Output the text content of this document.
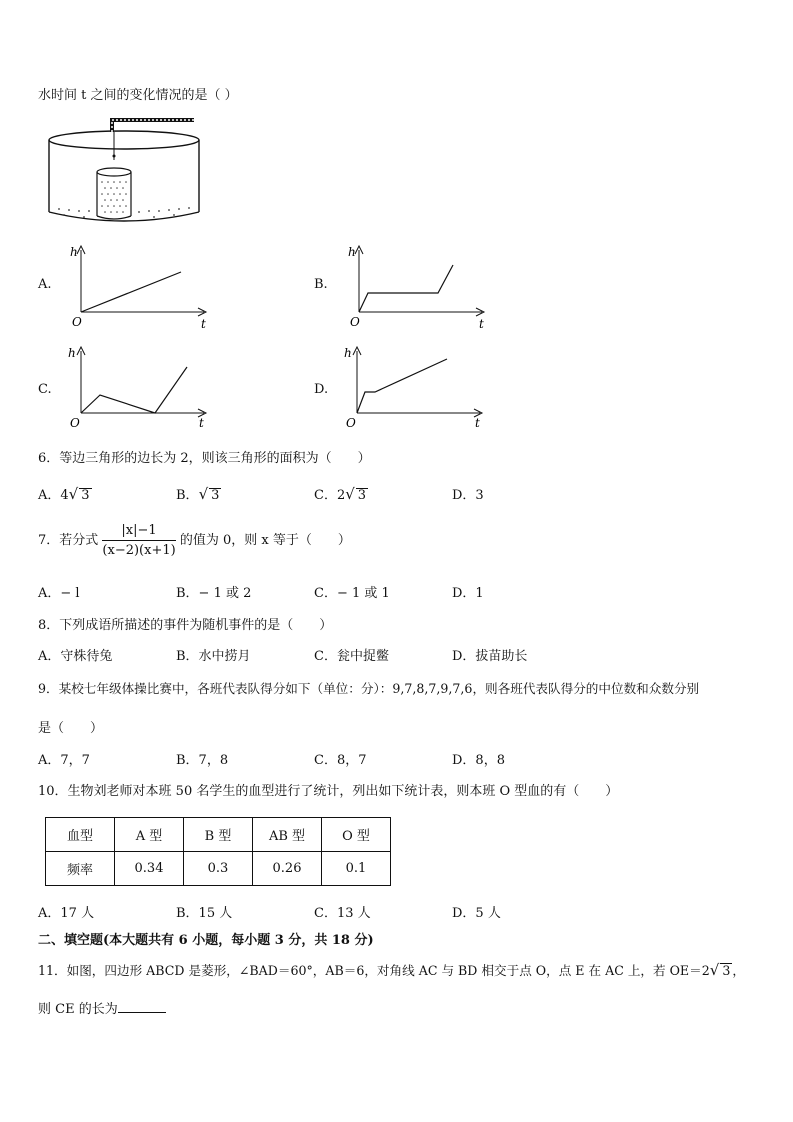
水时间 t 之间的变化情况的是（ ）
A.
h
O	t
B.
h
O	t
C.
h
O	t
D.
h
O	t
6．等边三角形的边长为 2，则该三角形的面积为（　　）
A．4√ 3	B．√ 3	C．2√ 3	D．3
7．若分式 $\frac{|x|-1}{(x-2)(x+1)}$ 的值为 0，则 x 等于（　　）
A．− l	B．− 1 或 2	C．− 1 或 1	D．1
8．下列成语所描述的事件为随机事件的是（　　）
A．守株待兔	B．水中捞月	C．瓮中捉鳖	D．拔苗助长
9．某校七年级体操比赛中，各班代表队得分如下（单位：分）：9,7,8,7,9,7,6，则各班代表队得分的中位数和众数分别
是（　　）
A．7，7	B．7，8	C．8，7	D．8，8
10．生物刘老师对本班 50 名学生的血型进行了统计，列出如下统计表，则本班 O 型血的有（　　）
血型	A 型	B 型	AB 型	O 型
频率	0.34	0.3	0.26	0.1
A．17 人	B．15 人	C．13 人	D．5 人
二、填空题(本大题共有 6 小题，每小题 3 分，共 18 分)
11．如图，四边形 ABCD 是菱形，∠BAD＝60°，AB＝6，对角线 AC 与 BD 相交于点 O，点 E 在 AC 上，若 OE＝2√ 3 ，
则 CE 的长为
